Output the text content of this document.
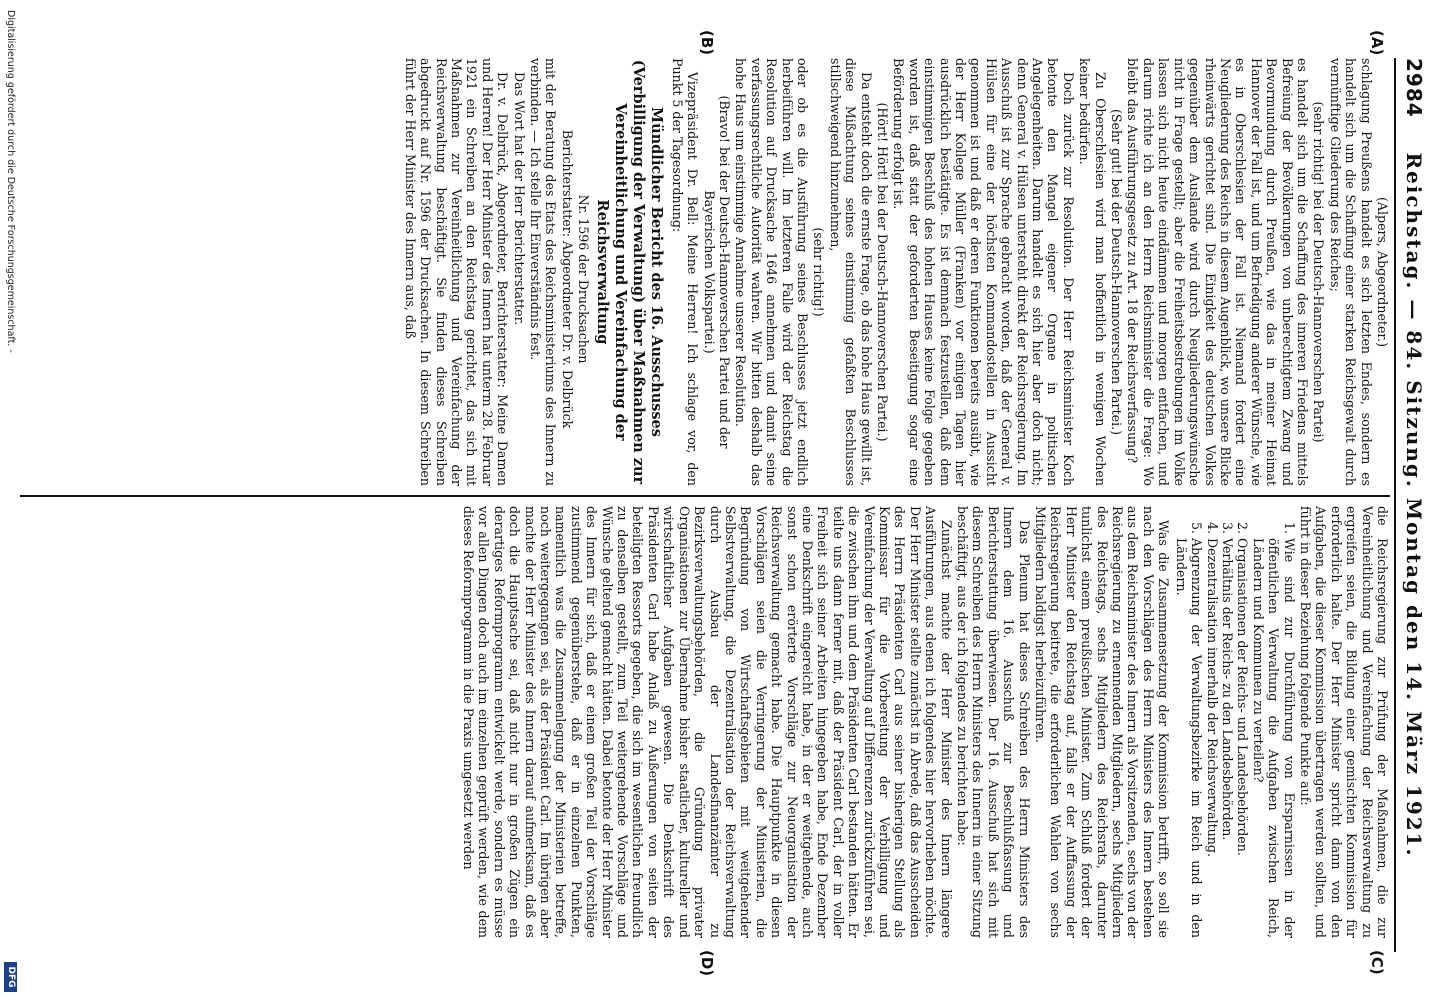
2984
Reichstag. — 84. Sitzung. Montag den 14. März 1921.
(A)
(B)
(C)
(D)

(Alpers, Abgeordneter.)

schlagung Preußens handelt es sich letzten Endes, sondern es handelt sich um die Schaffung einer starken Reichsgewalt durch vernünftige Gliederung des Reiches;

(sehr richtig! bei der Deutsch-Hannoverschen Partei)

es handelt sich um die Schaffung des inneren Friedens mittels Befreiung der Bevölkerungen von unberechtigtem Zwang und Bevormundung durch Preußen, wie das in meiner Heimat Hannover der Fall ist, und um Befriedigung anderer Wünsche, wie es in Oberschlesien der Fall ist. Niemand fordert eine Neugliederung des Reichs in diesem Augenblick, wo unsere Blicke rheinwärts gerichtet sind. Die Einigkeit des deutschen Volkes gegenüber dem Auslande wird durch Neugliederungswünsche nicht in Frage gestellt; aber die Freiheitsbestrebungen im Volke lassen sich nicht heute eindämmen und morgen entfachen, und darum richte ich an den Herrn Reichsminister die Frage: Wo bleibt das Ausführungsgesetz zu Art. 18 der Reichsverfassung?

(Sehr gut! bei der Deutsch-Hannoverschen Partei.)

Zu Oberschlesien wird man hoffentlich in wenigen Wochen keiner bedürfen.

Doch zurück zur Resolution. Der Herr Reichsminister Koch betonte den Mangel eigener Organe in politischen Angelegenheiten. Darum handelt es sich hier aber doch nicht; denn General v. Hülsen untersteht direkt der Reichsregierung. Im Ausschuß ist zur Sprache gebracht worden, daß der General v. Hülsen für eine der höchsten Kommandostellen in Aussicht genommen ist und daß er deren Funktionen bereits ausübt, wie der Herr Kollege Müller (Franken) vor einigen Tagen hier ausdrücklich bestätigte. Es ist demnach festzustellen, daß dem einstimmigen Beschluß des hohen Hauses keine Folge gegeben worden ist, daß statt der geforderten Beseitigung sogar eine Beförderung erfolgt ist.

(Hört! Hört! bei der Deutsch-Hannoverschen Partei.)

Da entsteht doch die ernste Frage, ob das hohe Haus gewillt ist, diese Mißachtung seines einstimmig gefaßten Beschlusses stillschweigend hinzunehmen,

(sehr richtig!)

oder ob es die Ausführung seines Beschlusses jetzt endlich herbeiführen will. Im letzteren Falle wird der Reichstag die Resolution auf Drucksache 1646 annehmen und damit seine verfassungsrechtliche Autorität wahren. Wir bitten deshalb das hohe Haus um einstimmige Annahme unserer Resolution.

(Bravo! bei der Deutsch-Hannoverschen Partei und der Bayerischen Volkspartei.)

Vizepräsident Dr. Bell: Meine Herren! Ich schlage vor, den Punkt 5 der Tagesordnung:

Mündlicher Bericht des 16. Ausschusses (Verbilligung der Verwaltung) über Maßnahmen zur Vereinheitlichung und Vereinfachung der Reichsverwaltung

Nr. 1596 der Drucksachen

Berichterstatter: Abgeordneter Dr. v. Delbrück

mit der Beratung des Etats des Reichsministeriums des Innern zu verbinden. — Ich stelle Ihr Einverständnis fest.

Das Wort hat der Herr Berichterstatter.

Dr. v. Delbrück, Abgeordneter, Berichterstatter: Meine Damen und Herren! Der Herr Minister des Innern hat unterm 28. Februar 1921 ein Schreiben an den Reichstag gerichtet, das sich mit Maßnahmen zur Vereinheitlichung und Vereinfachung der Reichsverwaltung beschäftigt. Sie finden dieses Schreiben abgedruckt auf Nr. 1596 der Drucksachen. In diesem Schreiben führt der Herr Minister des Innern aus, daß

die Reichsregierung zur Prüfung der Maßnahmen, die zur Vereinheitlichung und Vereinfachung der Reichsverwaltung zu ergreifen seien, die Bildung einer gemischten Kommission für erforderlich halte. Der Herr Minister spricht dann von den Aufgaben, die dieser Kommission übertragen werden sollten, und führt in dieser Beziehung folgende Punkte auf:

1. Wie sind zur Durchführung von Ersparnissen in der öffentlichen Verwaltung die Aufgaben zwischen Reich, Ländern und Kommunen zu verteilen?
2. Organisationen der Reichs- und Landesbehörden.
3. Verhältnis der Reichs- zu den Landesbehörden.
4. Dezentralisation innerhalb der Reichsverwaltung.
5. Abgrenzung der Verwaltungsbezirke im Reich und in den Ländern.

Was die Zusammensetzung der Kommission betrifft, so soll sie nach den Vorschlägen des Herrn Ministers des Innern bestehen aus dem Reichsminister des Innern als Vorsitzenden, sechs von der Reichsregierung zu ernennenden Mitgliedern, sechs Mitgliedern des Reichstags, sechs Mitgliedern des Reichsrats, darunter tunlichst einem preußischen Minister. Zum Schluß fordert der Herr Minister den Reichstag auf, falls er der Auffassung der Reichsregierung beitrete, die erforderlichen Wahlen von sechs Mitgliedern baldigst herbeizuführen.

Das Plenum hat dieses Schreiben des Herrn Ministers des Innern dem 16. Ausschuß zur Beschlußfassung und Berichterstattung überwiesen. Der 16. Ausschuß hat sich mit diesem Schreiben des Herrn Ministers des Innern in einer Sitzung beschäftigt, aus der ich folgendes zu berichten habe:

Zunächst machte der Herr Minister des Innern längere Ausführungen, aus denen ich folgendes hier hervorheben möchte. Der Herr Minister stellte zunächst in Abrede, daß das Ausscheiden des Herrn Präsidenten Carl aus seiner bisherigen Stellung als Kommissar für die Vorbereitung der Verbilligung und Vereinfachung der Verwaltung auf Differenzen zurückzuführen sei, die zwischen ihm und dem Präsidenten Carl bestanden hätten. Er teilte uns dann ferner mit, daß der Präsident Carl, der in voller Freiheit sich seiner Arbeiten hingegeben habe, Ende Dezember eine Denkschrift eingereicht habe, in der er weitgehende, auch sonst schon erörterte Vorschläge zur Neuorganisation der Reichsverwaltung gemacht habe. Die Hauptpunkte in diesen Vorschlägen seien die Verringerung der Ministerien, die Begründung von Wirtschaftsgebieten mit weitgehender Selbstverwaltung, die Dezentralisation der Reichsverwaltung durch Ausbau der Landesfinanzämter zu Bezirksverwaltungsbehörden, die Gründung privater Organisationen zur Übernahme bisher staatlicher, kultureller und wirtschaftlicher Aufgaben gewesen. Die Denkschrift des Präsidenten Carl habe Anlaß zu Äußerungen von seiten der beteiligten Ressorts gegeben, die sich im wesentlichen freundlich zu denselben gestellt, zum Teil weitergehende Vorschläge und Wünsche geltend gemacht hätten. Dabei betonte der Herr Minister des Innern für sich, daß er einem großen Teil der Vorschläge zustimmend gegenüberstehe, daß er in einzelnen Punkten, namentlich was die Zusammenlegung der Ministerien betreffe, noch weitergegangen sei, als der Präsident Carl. Im übrigen aber machte der Herr Minister des Innern darauf aufmerksam, daß es doch die Hauptsache sei, daß nicht nur in großen Zügen ein derartiges Reformprogramm entwickelt werde, sondern es müsse vor allen Dingen doch auch im einzelnen geprüft werden, wie dem dieses Reformprogramm in die Praxis umgesetzt werden

Digitalisierung gefördert durch die Deutsche Forschungsgemeinschaft. -
DFG
